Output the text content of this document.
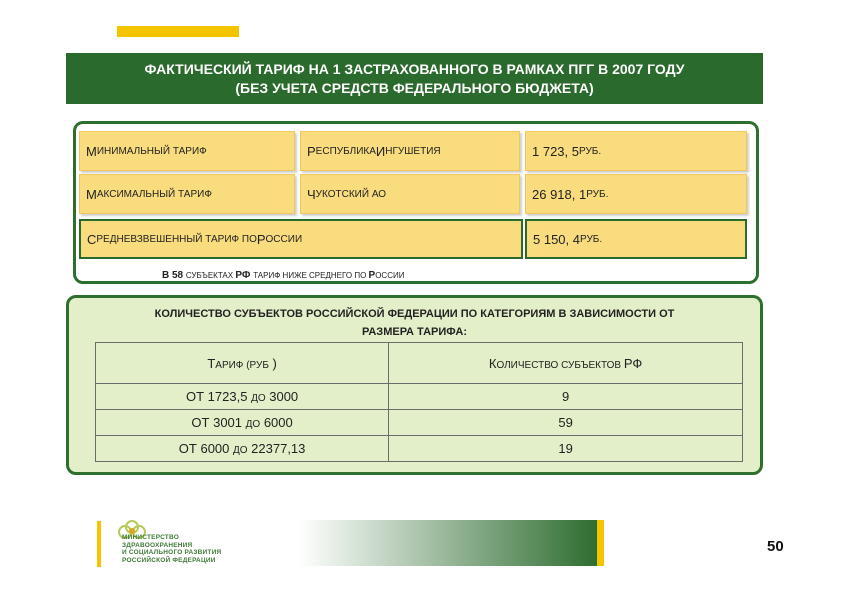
ФАКТИЧЕСКИЙ ТАРИФ НА 1 ЗАСТРАХОВАННОГО В РАМКАХ ПГГ В 2007 ГОДУ
(БЕЗ УЧЕТА СРЕДСТВ ФЕДЕРАЛЬНОГО БЮДЖЕТА)
М ИНИМАЛЬНЫЙ ТАРИФ	Р ЕСПУБЛИКА И НГУШЕТИЯ	1 723, 5 РУБ.
М АКСИМАЛЬНЫЙ ТАРИФ	Ч УКОТСКИЙ АО	26 918, 1 РУБ.
С РЕДНЕВЗВЕШЕННЫЙ ТАРИФ ПО Р ОССИИ	5 150, 4 РУБ.
В 58 СУБЪЕКТАХ РФ ТАРИФ НИЖЕ СРЕДНЕГО ПО РОССИИ
КОЛИЧЕСТВО СУБЪЕКТОВ РОССИЙСКОЙ ФЕДЕРАЦИИ ПО КАТЕГОРИЯМ В ЗАВИСИМОСТИ ОТ
РАЗМЕРА ТАРИФА:
ТАРИФ (РУБ )	КОЛИЧЕСТВО СУБЪЕКТОВ РФ
ОТ 1723,5 ДО 3000	9
ОТ 3001 ДО 6000	59
ОТ 6000 ДО 22377,13	19
МИНИСТЕРСТВО
ЗДРАВООХРАНЕНИЯ
И СОЦИАЛЬНОГО РАЗВИТИЯ
РОССИЙСКОЙ ФЕДЕРАЦИИ
50
